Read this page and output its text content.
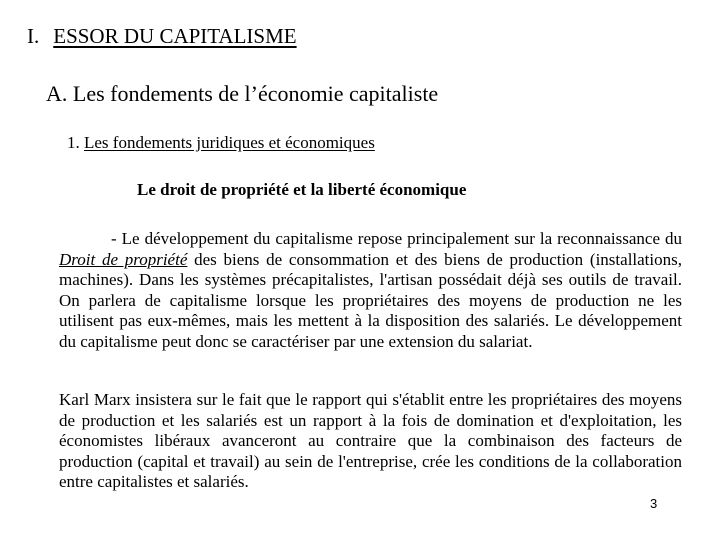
I. ESSOR DU CAPITALISME
A. Les fondements de l’économie capitaliste
1. Les fondements juridiques et économiques
Le droit de propriété et la liberté économique

- Le développement du capitalisme repose principalement sur la reconnaissance du Droit de propriété des biens de consommation et des biens de production (installations, machines). Dans les systèmes précapitalistes, l'artisan possédait déjà ses outils de travail. On parlera de capitalisme lorsque les propriétaires des moyens de production ne les utilisent pas eux-mêmes, mais les mettent à la disposition des salariés. Le développement du capitalisme peut donc se caractériser par une extension du salariat.

Karl Marx insistera sur le fait que le rapport qui s'établit entre les propriétaires des moyens de production et les salariés est un rapport à la fois de domination et d'exploitation, les économistes libéraux avanceront au contraire que la combinaison des facteurs de production (capital et travail) au sein de l'entreprise, crée les conditions de la collaboration entre capitalistes et salariés.

3
